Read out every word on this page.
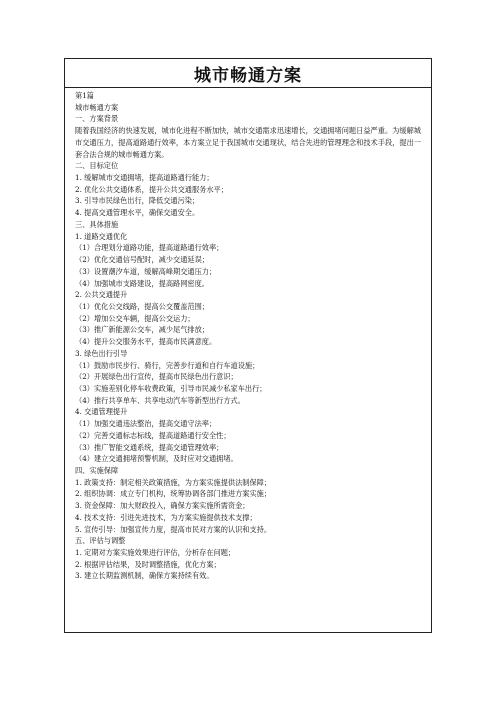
城市畅通方案
第1篇
城市畅通方案
一、方案背景
随着我国经济的快速发展，城市化进程不断加快，城市交通需求迅速增长，交通拥堵问题日益严重。为缓解城市交通压力，提高道路通行效率，本方案立足于我国城市交通现状，结合先进的管理理念和技术手段，提出一套合法合规的城市畅通方案。
二、目标定位
1. 缓解城市交通拥堵，提高道路通行能力；
2. 优化公共交通体系，提升公共交通服务水平；
3. 引导市民绿色出行，降低交通污染；
4. 提高交通管理水平，确保交通安全。
三、具体措施
1. 道路交通优化
（1）合理划分道路功能，提高道路通行效率；
（2）优化交通信号配时，减少交通延误；
（3）设置潮汐车道，缓解高峰期交通压力；
（4）加强城市支路建设，提高路网密度。
2. 公共交通提升
（1）优化公交线路，提高公交覆盖范围；
（2）增加公交车辆，提高公交运力；
（3）推广新能源公交车，减少尾气排放；
（4）提升公交服务水平，提高市民满意度。
3. 绿色出行引导
（1）鼓励市民步行、骑行，完善步行道和自行车道设施；
（2）开展绿色出行宣传，提高市民绿色出行意识；
（3）实施差别化停车收费政策，引导市民减少私家车出行；
（4）推行共享单车、共享电动汽车等新型出行方式。
4. 交通管理提升
（1）加强交通违法整治，提高交通守法率；
（2）完善交通标志标线，提高道路通行安全性；
（3）推广智能交通系统，提高交通管理效率；
（4）建立交通拥堵预警机制，及时应对交通拥堵。
四、实施保障
1. 政策支持：制定相关政策措施，为方案实施提供法制保障；
2. 组织协调：成立专门机构，统筹协调各部门推进方案实施；
3. 资金保障：加大财政投入，确保方案实施所需资金；
4. 技术支持：引进先进技术，为方案实施提供技术支撑；
5. 宣传引导：加强宣传力度，提高市民对方案的认识和支持。
五、评估与调整
1. 定期对方案实施效果进行评估，分析存在问题；
2. 根据评估结果，及时调整措施，优化方案；
3. 建立长期监测机制，确保方案持续有效。
